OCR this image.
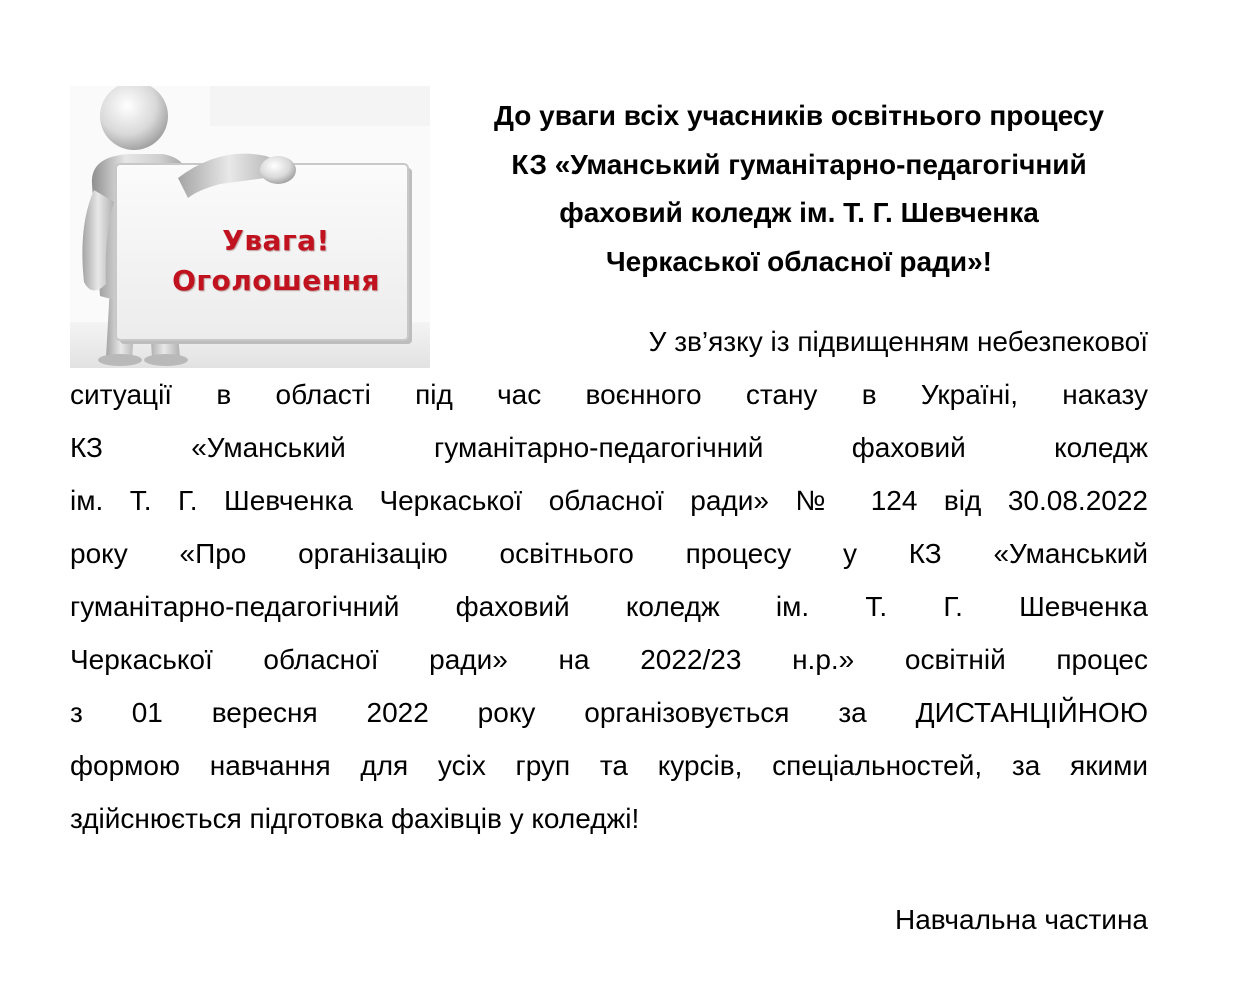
Увага!
Оголошення
До уваги всіх учасників освітнього процесу
КЗ «Уманський гуманітарно-педагогічний
фаховий коледж ім. Т. Г. Шевченка
Черкаської обласної ради»!
У зв’язку із підвищенням небезпекової
ситуації в області під час воєнного стану в Україні, наказу
КЗ «Уманський гуманітарно-педагогічний фаховий коледж
ім. Т. Г. Шевченка Черкаської обласної ради» № 124 від 30.08.2022
року «Про організацію освітнього процесу у КЗ «Уманський
гуманітарно-педагогічний фаховий коледж ім. Т. Г. Шевченка
Черкаської обласної ради» на 2022/23 н.р.» освітній процес
з 01 вересня 2022 року організовується за ДИСТАНЦІЙНОЮ
формою навчання для усіх груп та курсів, спеціальностей, за якими
здійснюється підготовка фахівців у коледжі!
Навчальна частина
